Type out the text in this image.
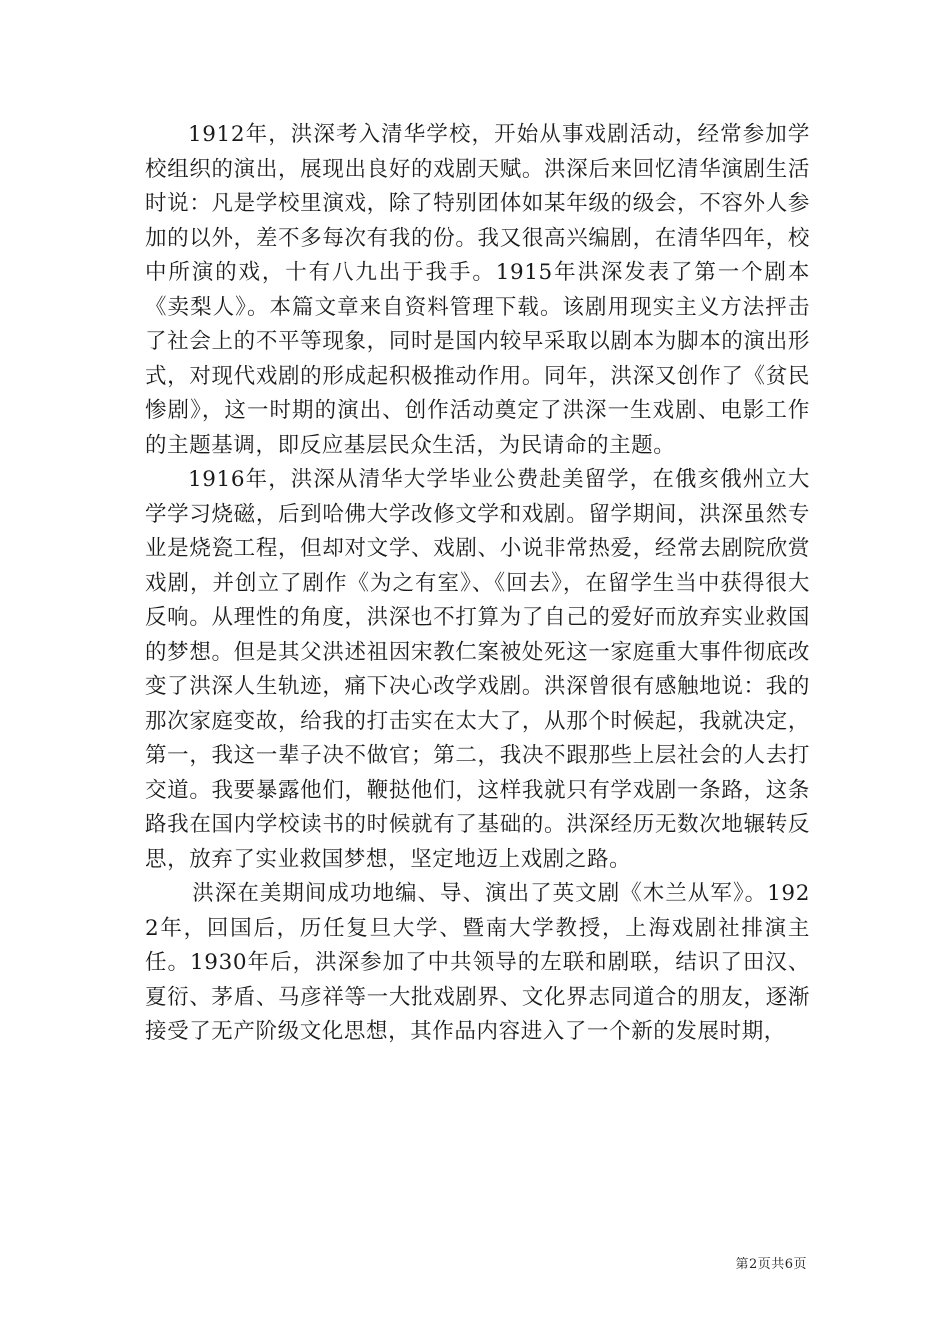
1912年，洪深考入清华学校，开始从事戏剧活动，经常参加学校组织的演出，展现出良好的戏剧天赋。洪深后来回忆清华演剧生活时说：凡是学校里演戏，除了特别团体如某年级的级会，不容外人参加的以外，差不多每次有我的份。我又很高兴编剧，在清华四年，校中所演的戏，十有八九出于我手。1915年洪深发表了第一个剧本《卖梨人》。本篇文章来自资料管理下载。该剧用现实主义方法抨击了社会上的不平等现象，同时是国内较早采取以剧本为脚本的演出形式，对现代戏剧的形成起积极推动作用。同年，洪深又创作了《贫民惨剧》，这一时期的演出、创作活动奠定了洪深一生戏剧、电影工作的主题基调，即反应基层民众生活，为民请命的主题。

1916年，洪深从清华大学毕业公费赴美留学，在俄亥俄州立大学学习烧磁，后到哈佛大学改修文学和戏剧。留学期间，洪深虽然专业是烧瓷工程，但却对文学、戏剧、小说非常热爱，经常去剧院欣赏戏剧，并创立了剧作《为之有室》、《回去》，在留学生当中获得很大反响。从理性的角度，洪深也不打算为了自己的爱好而放弃实业救国的梦想。但是其父洪述祖因宋教仁案被处死这一家庭重大事件彻底改变了洪深人生轨迹，痛下决心改学戏剧。洪深曾很有感触地说：我的那次家庭变故，给我的打击实在太大了，从那个时候起，我就决定，第一，我这一辈子决不做官；第二，我决不跟那些上层社会的人去打交道。我要暴露他们，鞭挞他们，这样我就只有学戏剧一条路，这条路我在国内学校读书的时候就有了基础的。洪深经历无数次地辗转反思，放弃了实业救国梦想，坚定地迈上戏剧之路。

洪深在美期间成功地编、导、演出了英文剧《木兰从军》。1922年，回国后，历任复旦大学、暨南大学教授，上海戏剧社排演主任。1930年后，洪深参加了中共领导的左联和剧联，结识了田汉、夏衍、茅盾、马彦祥等一大批戏剧界、文化界志同道合的朋友，逐渐接受了无产阶级文化思想，其作品内容进入了一个新的发展时期，

第2页共6页
